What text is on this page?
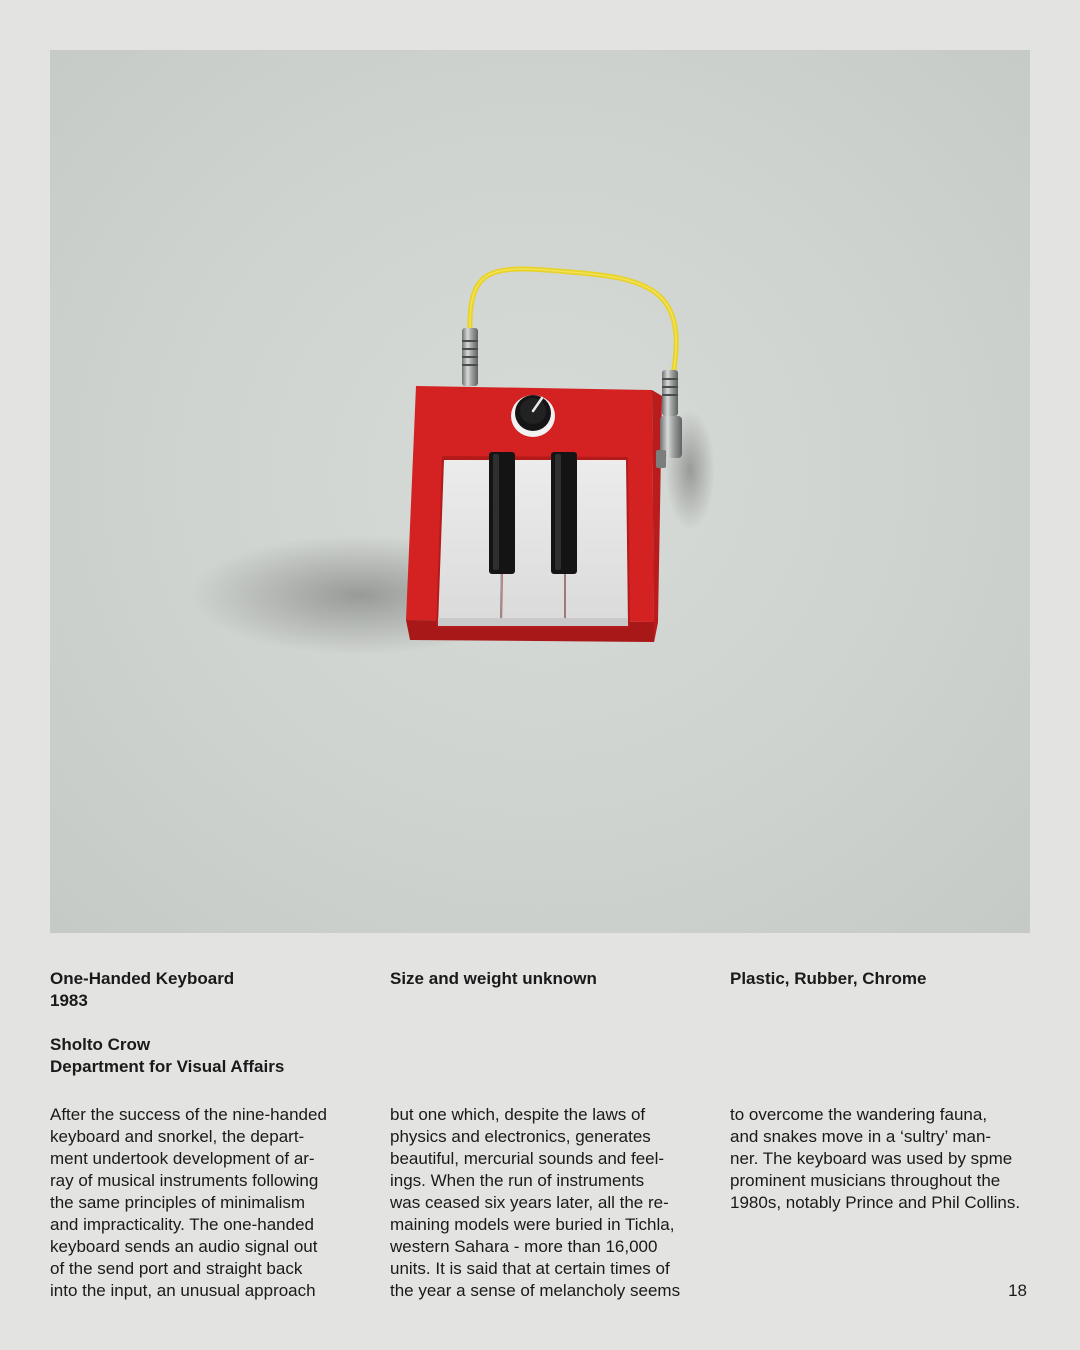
One-Handed Keyboard
1983
Sholto Crow
Department for Visual Affairs
Size and weight unknown	Plastic, Rubber, Chrome
After the success of the nine-handed
keyboard and snorkel, the depart-
ment undertook development of ar-
ray of musical instruments following
the same principles of minimalism
and impracticality. The one-handed
keyboard sends an audio signal out
of the send port and straight back
into the input, an unusual approach
but one which, despite the laws of
physics and electronics, generates
beautiful, mercurial sounds and feel-
ings. When the run of instruments
was ceased six years later, all the re-
maining models were buried in Tichla,
western Sahara - more than 16,000
units. It is said that at certain times of
the year a sense of melancholy seems
to overcome the wandering fauna,
and snakes move in a ‘sultry’ man-
ner. The keyboard was used by spme
prominent musicians throughout the
1980s, notably Prince and Phil Collins.
18
